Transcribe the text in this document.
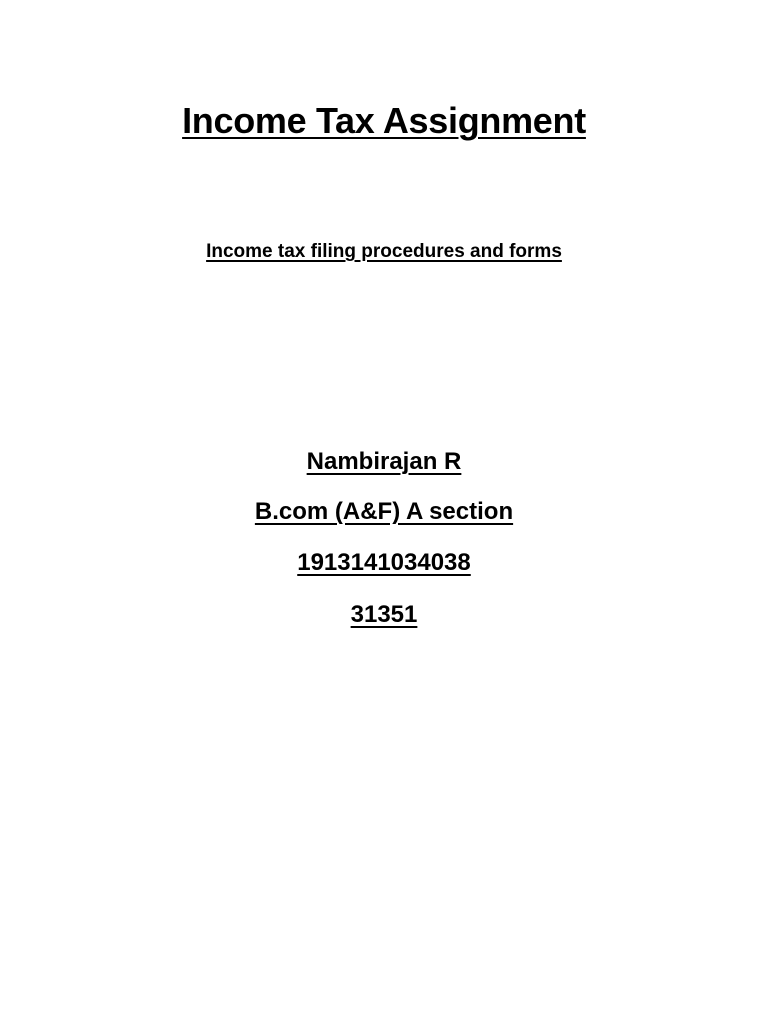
Income Tax Assignment
Income tax filing procedures and forms
Nambirajan R
B.com (A&F) A section
1913141034038
31351
